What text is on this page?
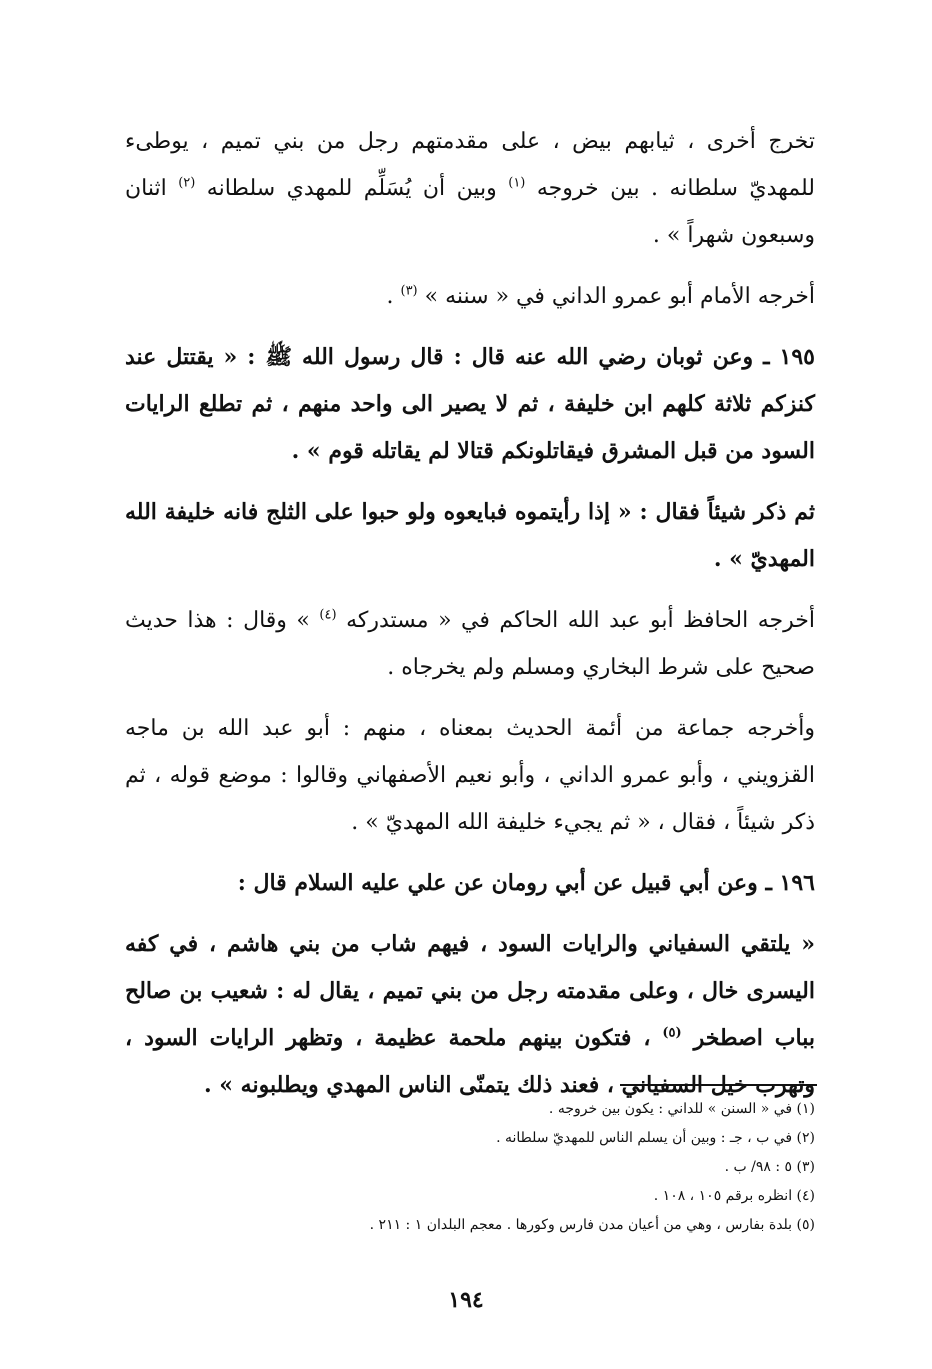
تخرج أخرى ، ثيابهم بيض ، على مقدمتهم رجل من بني تميم ، يوطىء للمهديّ سلطانه . بين خروجه $^{(١)}$ وبين أن يُسَلِّم للمهدي سلطانه $^{(٢)}$ اثنان وسبعون شهراً » .

أخرجه الأمام أبو عمرو الداني في « سننه » $^{(٣)}$ .

١٩٥ ـ وعن ثوبان رضي الله عنه قال : قال رسول الله ﷺ : « يقتتل عند كنزكم ثلاثة كلهم ابن خليفة ، ثم لا يصير الى واحد منهم ، ثم تطلع الرايات السود من قبل المشرق فيقاتلونكم قتالا لم يقاتله قوم » .

ثم ذكر شيئاً فقال : « إذا رأيتموه فبايعوه ولو حبوا على الثلج فانه خليفة الله المهديّ » .

أخرجه الحافظ أبو عبد الله الحاكم في « مستدركه $^{(٤)}$ » وقال : هذا حديث صحيح على شرط البخاري ومسلم ولم يخرجاه .

وأخرجه جماعة من أئمة الحديث بمعناه ، منهم : أبو عبد الله بن ماجه القزويني ، وأبو عمرو الداني ، وأبو نعيم الأصفهاني وقالوا : موضع قوله ، ثم ذكر شيئاً ، فقال ، « ثم يجيء خليفة الله المهديّ » .

١٩٦ ـ وعن أبي قبيل عن أبي رومان عن علي عليه السلام قال :

« يلتقي السفياني والرايات السود ، فيهم شاب من بني هاشم ، في كفه اليسرى خال ، وعلى مقدمته رجل من بني تميم ، يقال له : شعيب بن صالح بباب اصطخر $^{(٥)}$ ، فتكون بينهم ملحمة عظيمة ، وتظهر الرايات السود ، وتهرب خيل السفياني ، فعند ذلك يتمنّى الناس المهدي ويطلبونه » .

(١) في « السنن » للداني : يكون بين خروجه .
(٢) في ب ، جـ : وبين أن يسلم الناس للمهديّ سلطانه .
(٣) ٥ : ٩٨/ ب .
(٤) انظره برقم ١٠٥ ، ١٠٨ .
(٥) بلدة بفارس ، وهي من أعيان مدن فارس وكورها . معجم البلدان ١ : ٢١١ .
١٩٤
